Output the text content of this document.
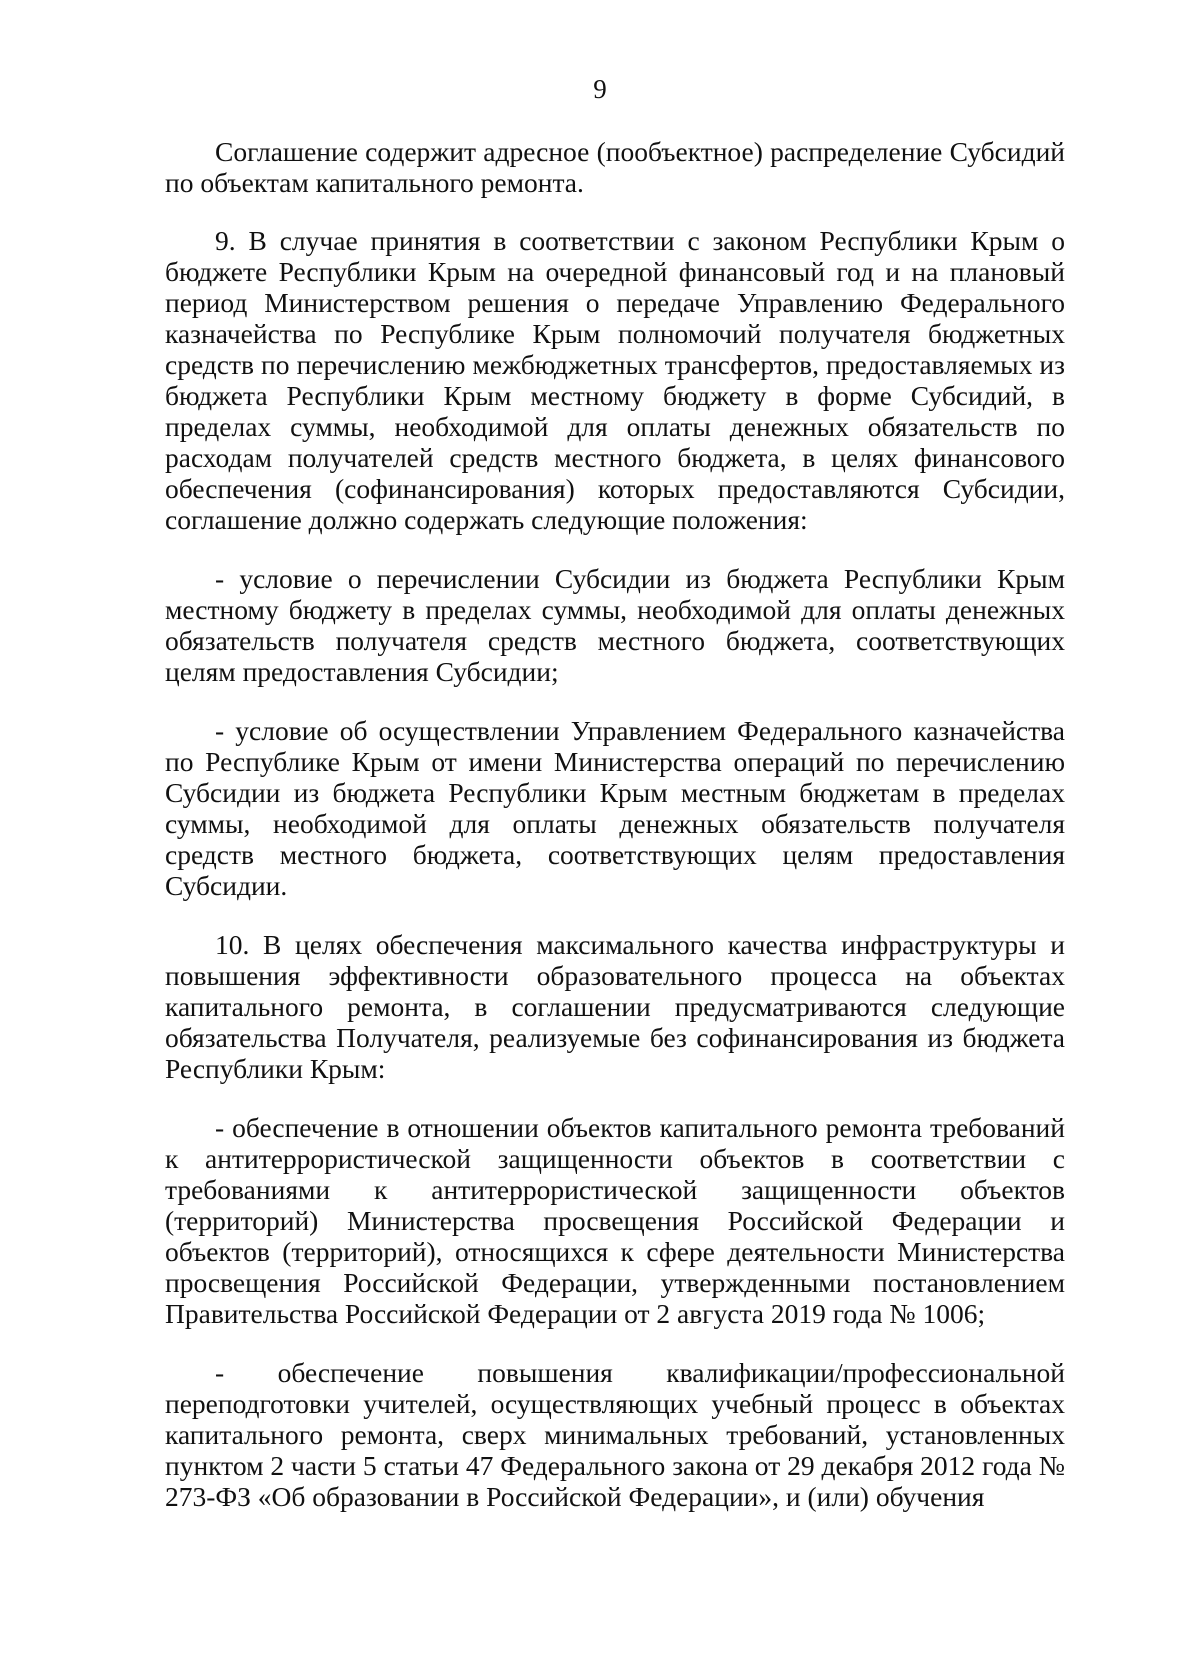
9

Соглашение содержит адресное (пообъектное) распределение Субсидий по объектам капитального ремонта.

9. В случае принятия в соответствии с законом Республики Крым о бюджете Республики Крым на очередной финансовый год и на плановый период Министерством решения о передаче Управлению Федерального казначейства по Республике Крым полномочий получателя бюджетных средств по перечислению межбюджетных трансфертов, предоставляемых из бюджета Республики Крым местному бюджету в форме Субсидий, в пределах суммы, необходимой для оплаты денежных обязательств по расходам получателей средств местного бюджета, в целях финансового обеспечения (софинансирования) которых предоставляются Субсидии, соглашение должно содержать следующие положения:

- условие о перечислении Субсидии из бюджета Республики Крым местному бюджету в пределах суммы, необходимой для оплаты денежных обязательств получателя средств местного бюджета, соответствующих целям предоставления Субсидии;

- условие об осуществлении Управлением Федерального казначейства по Республике Крым от имени Министерства операций по перечислению Субсидии из бюджета Республики Крым местным бюджетам в пределах суммы, необходимой для оплаты денежных обязательств получателя средств местного бюджета, соответствующих целям предоставления Субсидии.

10. В целях обеспечения максимального качества инфраструктуры и повышения эффективности образовательного процесса на объектах капитального ремонта, в соглашении предусматриваются следующие обязательства Получателя, реализуемые без софинансирования из бюджета Республики Крым:

- обеспечение в отношении объектов капитального ремонта требований к антитеррористической защищенности объектов в соответствии с требованиями к антитеррористической защищенности объектов (территорий) Министерства просвещения Российской Федерации и объектов (территорий), относящихся к сфере деятельности Министерства просвещения Российской Федерации, утвержденными постановлением Правительства Российской Федерации от 2 августа 2019 года № 1006;

- обеспечение повышения квалификации/профессиональной переподготовки учителей, осуществляющих учебный процесс в объектах капитального ремонта, сверх минимальных требований, установленных пунктом 2 части 5 статьи 47 Федерального закона от 29 декабря 2012 года № 273-ФЗ «Об образовании в Российской Федерации», и (или) обучения
